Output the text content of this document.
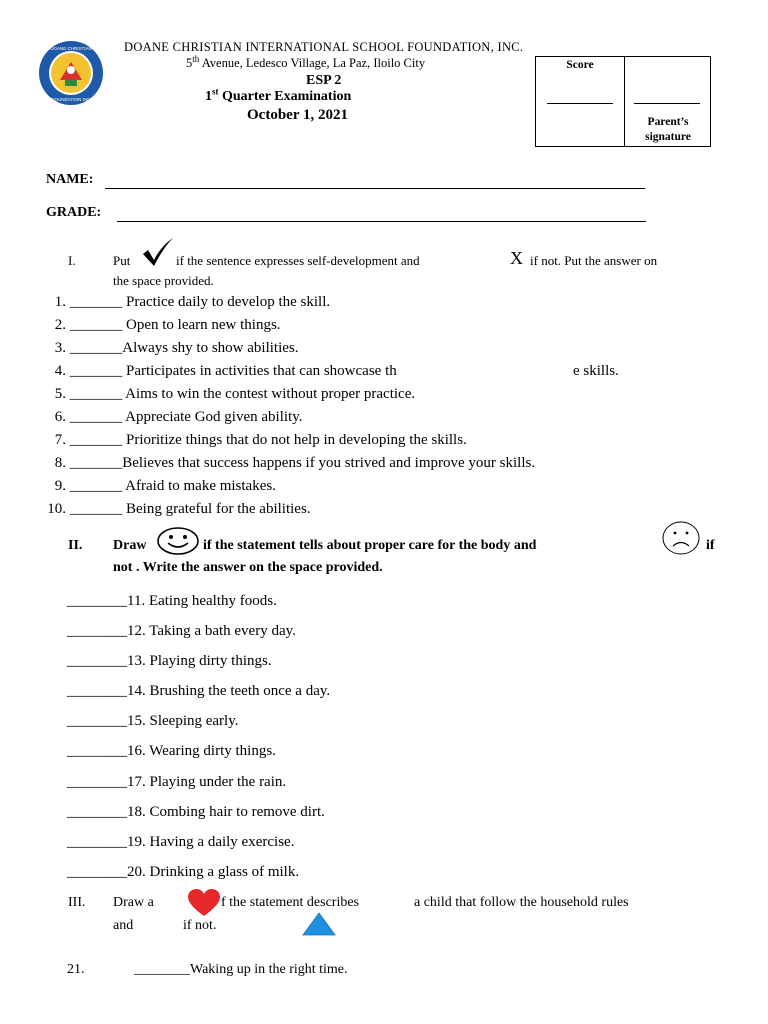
DOANE CHRISTIAN
FOUNDATION INC
DOANE CHRISTIAN INTERNATIONAL SCHOOL FOUNDATION, INC.
5th Avenue, Ledesco Village, La Paz, Iloilo City
ESP 2
1st Quarter Examination
October 1, 2021
Score
Parent’s
signature
NAME:
GRADE:
I.	Put	if the sentence expresses self-development and	X if not. Put the answer on
the space provided.
1. _______ Practice daily to develop the skill.
2. _______ Open to learn new things.
3. _______Always shy to show abilities.
4. _______ Participates in activities that can showcase th	e skills.
5. _______ Aims to win the contest without proper practice.
6. _______ Appreciate God given ability.
7. _______ Prioritize things that do not help in developing the skills.
8. _______Believes that success happens if you strived and improve your skills.
9. _______ Afraid to make mistakes.
10. _______ Being grateful for the abilities.
II. Draw	if the statement tells about proper care for the body and	if
not . Write the answer on the space provided.
________11. Eating healthy foods.
________12. Taking a bath every day.
________13. Playing dirty things.
________14. Brushing the teeth once a day.
________15. Sleeping early.
________16. Wearing dirty things.
________17. Playing under the rain.
________18. Combing hair to remove dirt.
________19. Having a daily exercise.
________20. Drinking a glass of milk.
III. Draw a	f the statement describes	a child that follow the household rules
and	if not.
21.	________Waking up in the right time.
